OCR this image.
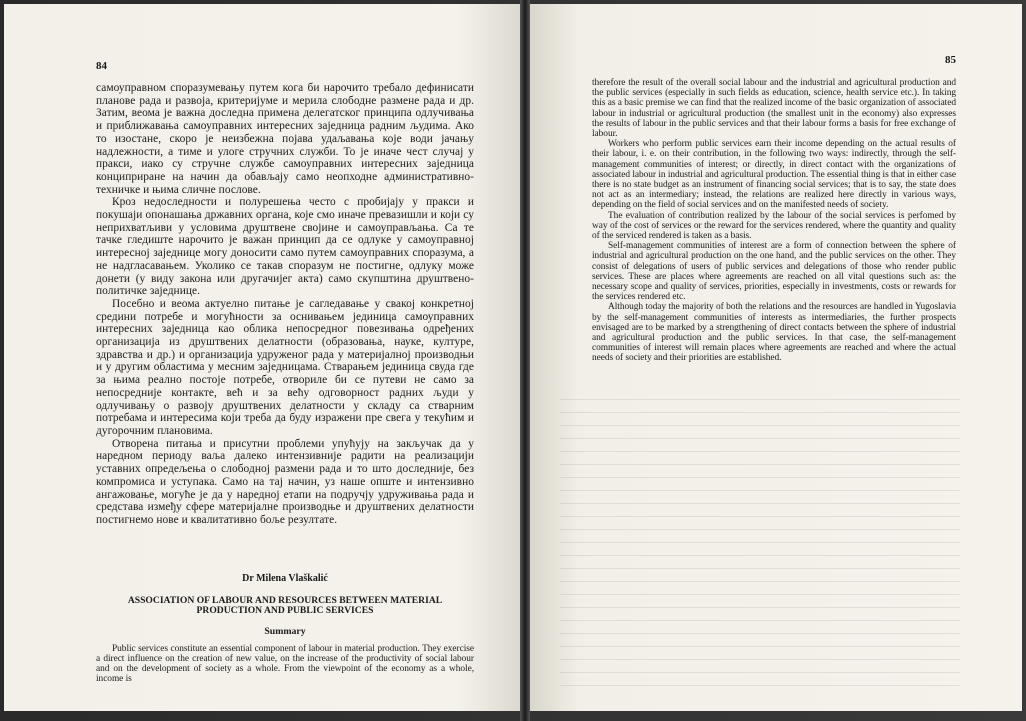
84

самоуправном споразумевању путем кога би нарочито требало дефинисати планове рада и развоја, критеријуме и мерила слободне размене рада и др. Затим, веома је важна доследна примена делегатског принципа одлучивања и приближавања самоуправних интересних заједница радним људима. Ако то изостане, скоро је неизбежна појава удаљавања које води јачању надлежности, а тиме и улоге стручних служби. То је иначе чест случај у пракси, иако су стручне службе самоуправних интересних заједница конциприране на начин да обављају само неопходне административно-техничке и њима сличне послове.

Кроз недоследности и полурешења често с пробијају у пракси и покушаји опонашања државних органа, које смо иначе превазишли и који су неприхватљиви у условима друштвене својине и самоуправљања. Са те тачке гледиште нарочито је важан принцип да се одлуке у самоуправној интересној заједнице могу доносити само путем самоуправних споразума, а не надгласавањем. Уколико се такав споразум не постигне, одлуку може донети (у виду закона или другачијег акта) само скупштина друштвено-политичке заједнице.

Посебно и веома актуелно питање је сагледавање у свакој конкретној средини потребе и могућности за оснивањем јединица самоуправних интересних заједница као облика непосредног повезивања одређених организација из друштвених делатности (образовања, науке, културе, здравства и др.) и организација удруженог рада у материјалној производњи и у другим областима у месним заједницама. Стварањем јединица свуда где за њима реално постоје потребе, отвориле би се путеви не само за непосредније контакте, већ и за већу одговорност радних људи у одлучивању о развоју друштвених делатности у складу са стварним потребама и интересима који треба да буду изражени пре свега у текућим и дугорочним плановима.

Отворена питања и присутни проблеми упућују на закључак да у наредном периоду ваља далеко интензивније радити на реализацији уставних опредељења о слободној размени рада и то што доследније, без компромиса и уступака. Само на тај начин, уз наше опште и интензивно ангажовање, могуће је да у наредној етапи на подручју удруживања рада и средстава између сфере материјалне производње и друштвених делатности постигнемо нове и квалитативно боље резултате.

Dr Milena Vlaškalić
ASSOCIATION OF LABOUR AND RESOURCES BETWEEN MATERIAL PRODUCTION AND PUBLIC SERVICES
Summary

Public services constitute an essential component of labour in material production. They exercise a direct influence on the creation of new value, on the increase of the productivity of social labour and on the development of society as a whole. From the viewpoint of the economy as a whole, income is

85

therefore the result of the overall social labour and the industrial and agricultural production and the public services (especially in such fields as education, science, health service etc.). In taking this as a basic premise we can find that the realized income of the basic organization of associated labour in industrial or agricultural production (the smallest unit in the economy) also expresses the results of labour in the public services and that their labour forms a basis for free exchange of labour.

Workers who perform public services earn their income depending on the actual results of their labour, i. e. on their contribution, in the following two ways: indirectly, through the self-management communities of interest; or directly, in direct contact with the organizations of associated labour in industrial and agricultural production. The essential thing is that in either case there is no state budget as an instrument of financing social services; that is to say, the state does not act as an intermediary; instead, the relations are realized here directly in various ways, depending on the field of social services and on the manifested needs of society.

The evaluation of contribution realized by the labour of the social services is perfomed by way of the cost of services or the reward for the services rendered, where the quantity and quality of the serviced rendered is taken as a basis.

Self-management communities of interest are a form of connection between the sphere of industrial and agricultural production on the one hand, and the public services on the other. They consist of delegations of users of public services and delegations of those who render public services. These are places where agreements are reached on all vital questions such as: the necessary scope and quality of services, priorities, especially in investments, costs or rewards for the services rendered etc.

Although today the majority of both the relations and the resources are handled in Yugoslavia by the self-management communities of interests as intermediaries, the further prospects envisaged are to be marked by a strengthening of direct contacts between the sphere of industrial and agricultural production and the public services. In that case, the self-management communities of interest will remain places where agreements are reached and where the actual needs of society and their priorities are established.
